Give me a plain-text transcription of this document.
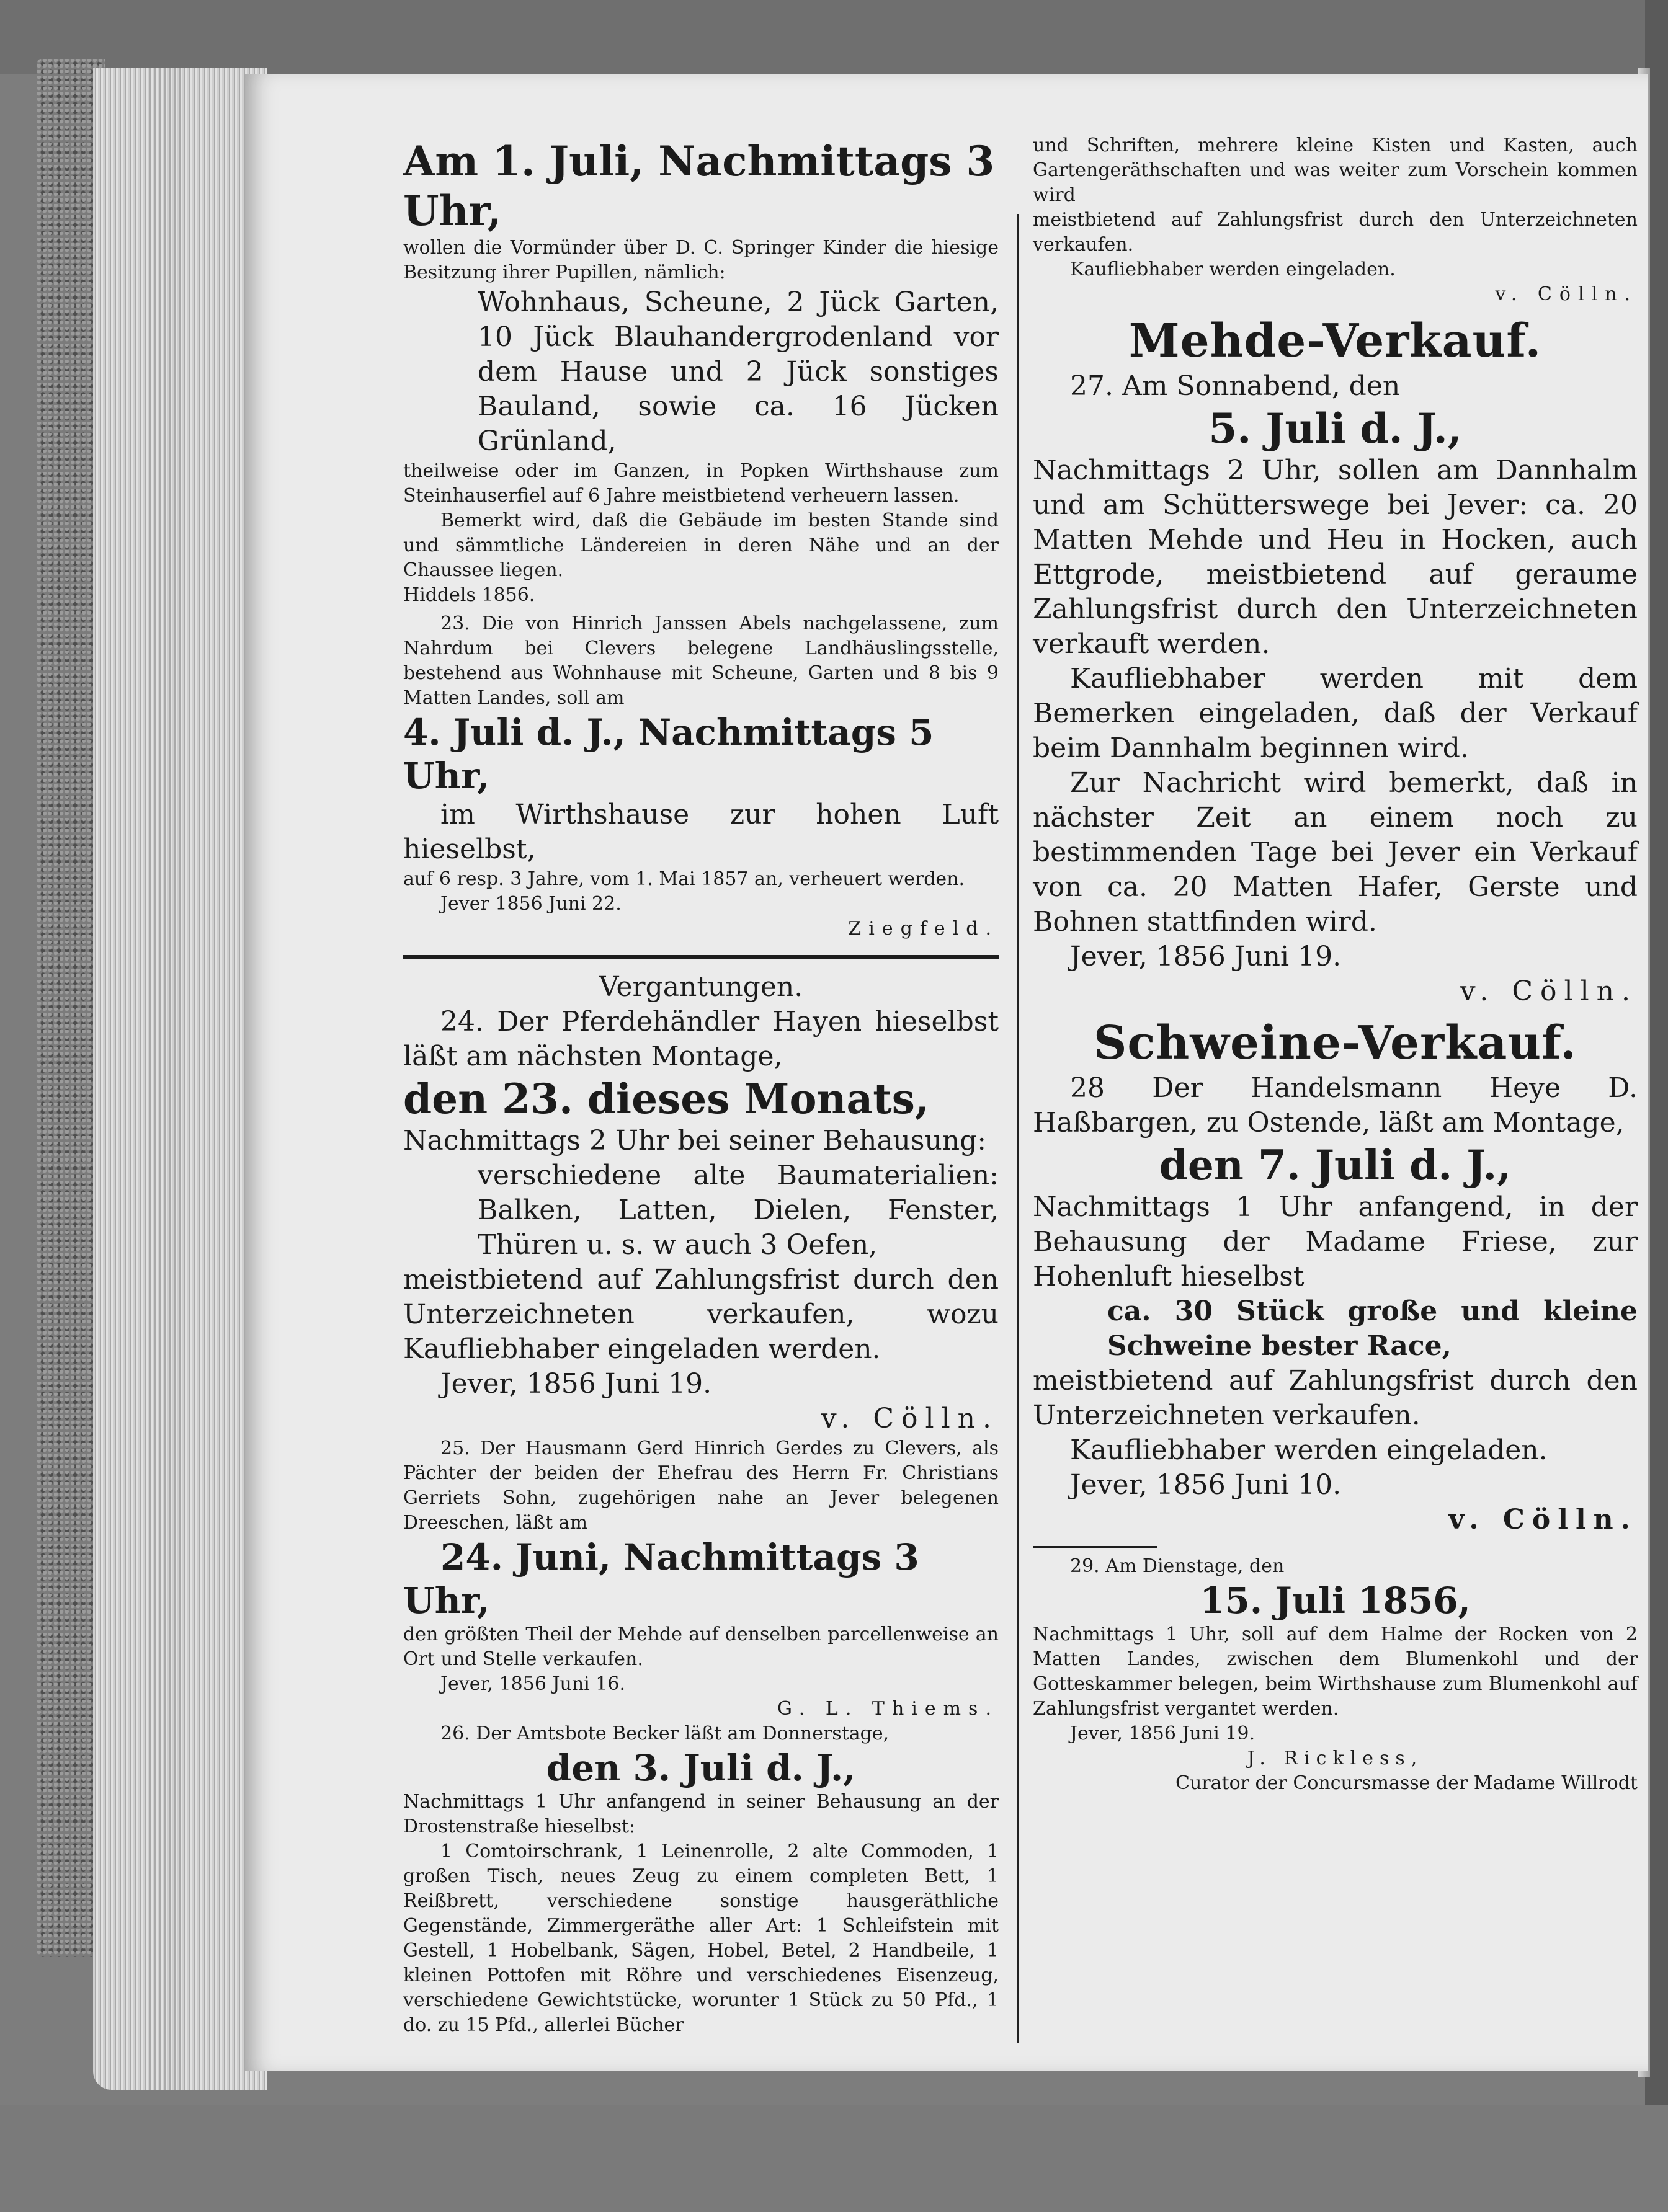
Am 1. Juli, Nachmittags 3 Uhr,

wollen die Vormünder über D. C. Springer Kinder die hiesige Besitzung ihrer Pupillen, nämlich:

Wohnhaus, Scheune, 2 Jück Garten, 10 Jück Blauhandergrodenland vor dem Hause und 2 Jück sonstiges Bauland, sowie ca. 16 Jücken Grünland,

theilweise oder im Ganzen, in Popken Wirthshause zum Steinhauserfiel auf 6 Jahre meistbietend verheuern lassen.

Bemerkt wird, daß die Gebäude im besten Stande sind und sämmtliche Ländereien in deren Nähe und an der Chaussee liegen.

Hiddels 1856.

23. Die von Hinrich Janssen Abels nachgelassene, zum Nahrdum bei Clevers belegene Landhäuslingsstelle, bestehend aus Wohnhause mit Scheune, Garten und 8 bis 9 Matten Landes, soll am

4. Juli d. J., Nachmittags 5 Uhr,

im Wirthshause zur hohen Luft hieselbst,

auf 6 resp. 3 Jahre, vom 1. Mai 1857 an, verheuert werden.

Jever 1856 Juni 22.

Ziegfeld.

Vergantungen.

24. Der Pferdehändler Hayen hieselbst läßt am nächsten Montage,

den 23. dieses Monats,

Nachmittags 2 Uhr bei seiner Behausung:

verschiedene alte Baumaterialien: Balken, Latten, Dielen, Fenster, Thüren u. s. w auch 3 Oefen,

meistbietend auf Zahlungsfrist durch den Unterzeichneten verkaufen, wozu Kaufliebhaber eingeladen werden.

Jever, 1856 Juni 19.

v. Cölln.

25. Der Hausmann Gerd Hinrich Gerdes zu Clevers, als Pächter der beiden der Ehefrau des Herrn Fr. Christians Gerriets Sohn, zugehörigen nahe an Jever belegenen Dreeschen, läßt am

24. Juni, Nachmittags 3 Uhr,

den größten Theil der Mehde auf denselben parcellenweise an Ort und Stelle verkaufen.

Jever, 1856 Juni 16.

G. L. Thiems.

26. Der Amtsbote Becker läßt am Donnerstage,

den 3. Juli d. J.,

Nachmittags 1 Uhr anfangend in seiner Behausung an der Drostenstraße hieselbst:

1 Comtoirschrank, 1 Leinenrolle, 2 alte Commoden, 1 großen Tisch, neues Zeug zu einem completen Bett, 1 Reißbrett, verschiedene sonstige hausgeräthliche Gegenstände, Zimmergeräthe aller Art: 1 Schleifstein mit Gestell, 1 Hobelbank, Sägen, Hobel, Betel, 2 Handbeile, 1 kleinen Pottofen mit Röhre und verschiedenes Eisenzeug, verschiedene Gewichtstücke, worunter 1 Stück zu 50 Pfd., 1 do. zu 15 Pfd., allerlei Bücher

und Schriften, mehrere kleine Kisten und Kasten, auch Gartengeräthschaften und was weiter zum Vorschein kommen wird

meistbietend auf Zahlungsfrist durch den Unterzeichneten verkaufen.

Kaufliebhaber werden eingeladen.

v. Cölln.

Mehde-Verkauf.

27. Am Sonnabend, den

5. Juli d. J.,

Nachmittags 2 Uhr, sollen am Dannhalm und am Schütterswege bei Jever: ca. 20 Matten Mehde und Heu in Hocken, auch Ettgrode, meistbietend auf geraume Zahlungsfrist durch den Unterzeichneten verkauft werden.

Kaufliebhaber werden mit dem Bemerken eingeladen, daß der Verkauf beim Dannhalm beginnen wird.

Zur Nachricht wird bemerkt, daß in nächster Zeit an einem noch zu bestimmenden Tage bei Jever ein Verkauf von ca. 20 Matten Hafer, Gerste und Bohnen stattfinden wird.

Jever, 1856 Juni 19.

v. Cölln.

Schweine-Verkauf.

28 Der Handelsmann Heye D. Haßbargen, zu Ostende, läßt am Montage,

den 7. Juli d. J.,

Nachmittags 1 Uhr anfangend, in der Behausung der Madame Friese, zur Hohenluft hieselbst

ca. 30 Stück große und kleine Schweine bester Race,

meistbietend auf Zahlungsfrist durch den Unterzeichneten verkaufen.

Kaufliebhaber werden eingeladen.

Jever, 1856 Juni 10.

v. Cölln.

29. Am Dienstage, den

15. Juli 1856,

Nachmittags 1 Uhr, soll auf dem Halme der Rocken von 2 Matten Landes, zwischen dem Blumenkohl und der Gotteskammer belegen, beim Wirthshause zum Blumenkohl auf Zahlungsfrist vergantet werden.

Jever, 1856 Juni 19.

J. Rickless,

Curator der Concursmasse der Madame Willrodt
